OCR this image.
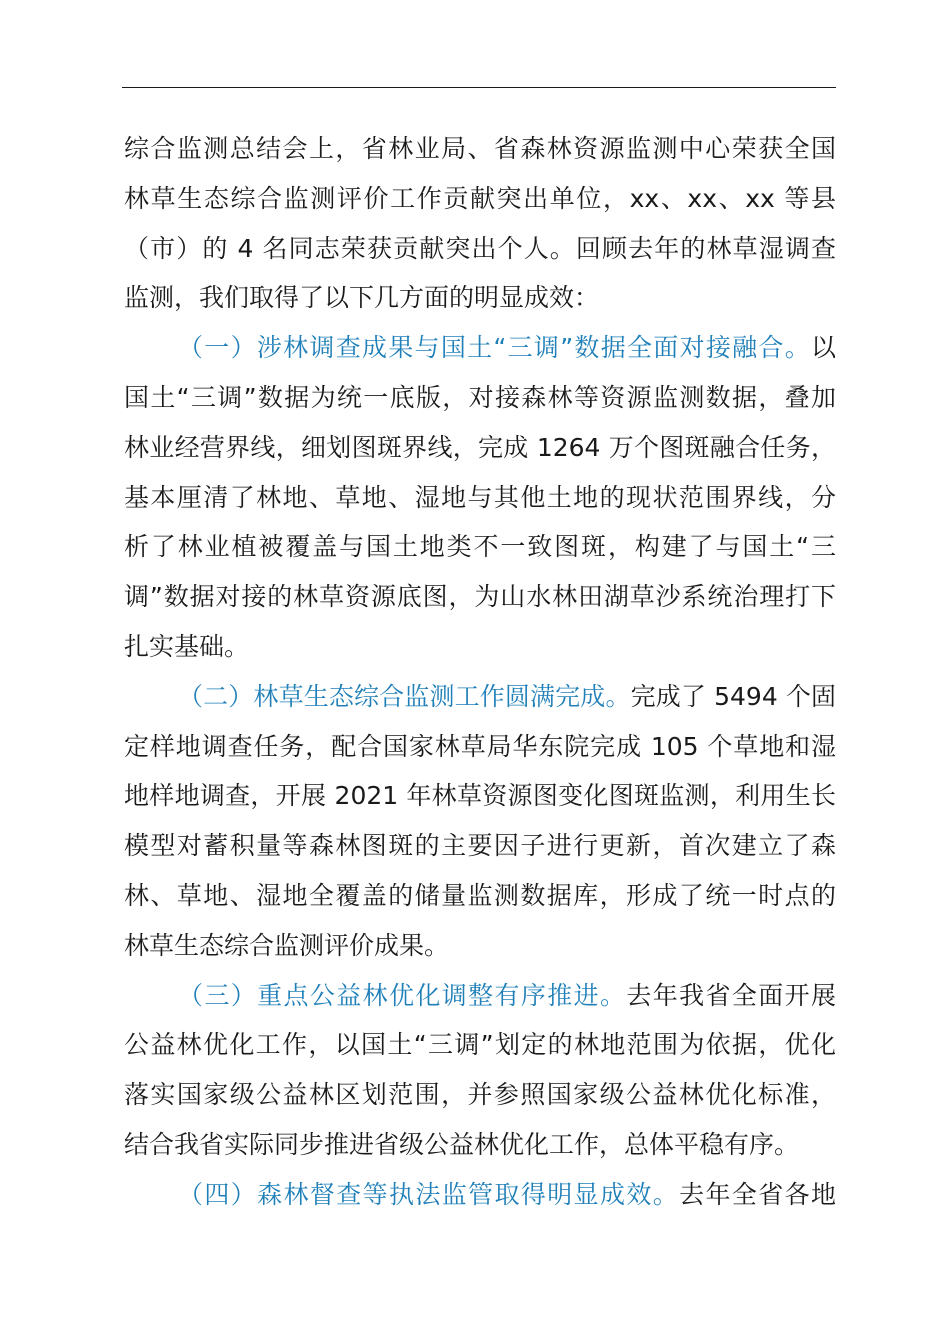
综合监测总结会上，省林业局、省森林资源监测中心荣获全国
林草生态综合监测评价工作贡献突出单位，xx、xx、xx 等县
（市）的 4 名同志荣获贡献突出个人。回顾去年的林草湿调查
监测，我们取得了以下几方面的明显成效：
（一）涉林调查成果与国土“三调”数据全面对接融合。以
国土“三调”数据为统一底版，对接森林等资源监测数据，叠加
林业经营界线，细划图斑界线，完成 1264 万个图斑融合任务，
基本厘清了林地、草地、湿地与其他土地的现状范围界线，分
析了林业植被覆盖与国土地类不一致图斑，构建了与国土“三
调”数据对接的林草资源底图，为山水林田湖草沙系统治理打下
扎实基础。
（二）林草生态综合监测工作圆满完成。完成了 5494 个固
定样地调查任务，配合国家林草局华东院完成 105 个草地和湿
地样地调查，开展 2021 年林草资源图变化图斑监测，利用生长
模型对蓄积量等森林图斑的主要因子进行更新，首次建立了森
林、草地、湿地全覆盖的储量监测数据库，形成了统一时点的
林草生态综合监测评价成果。
（三）重点公益林优化调整有序推进。去年我省全面开展
公益林优化工作，以国土“三调”划定的林地范围为依据，优化
落实国家级公益林区划范围，并参照国家级公益林优化标准，
结合我省实际同步推进省级公益林优化工作，总体平稳有序。
（四）森林督查等执法监管取得明显成效。去年全省各地
